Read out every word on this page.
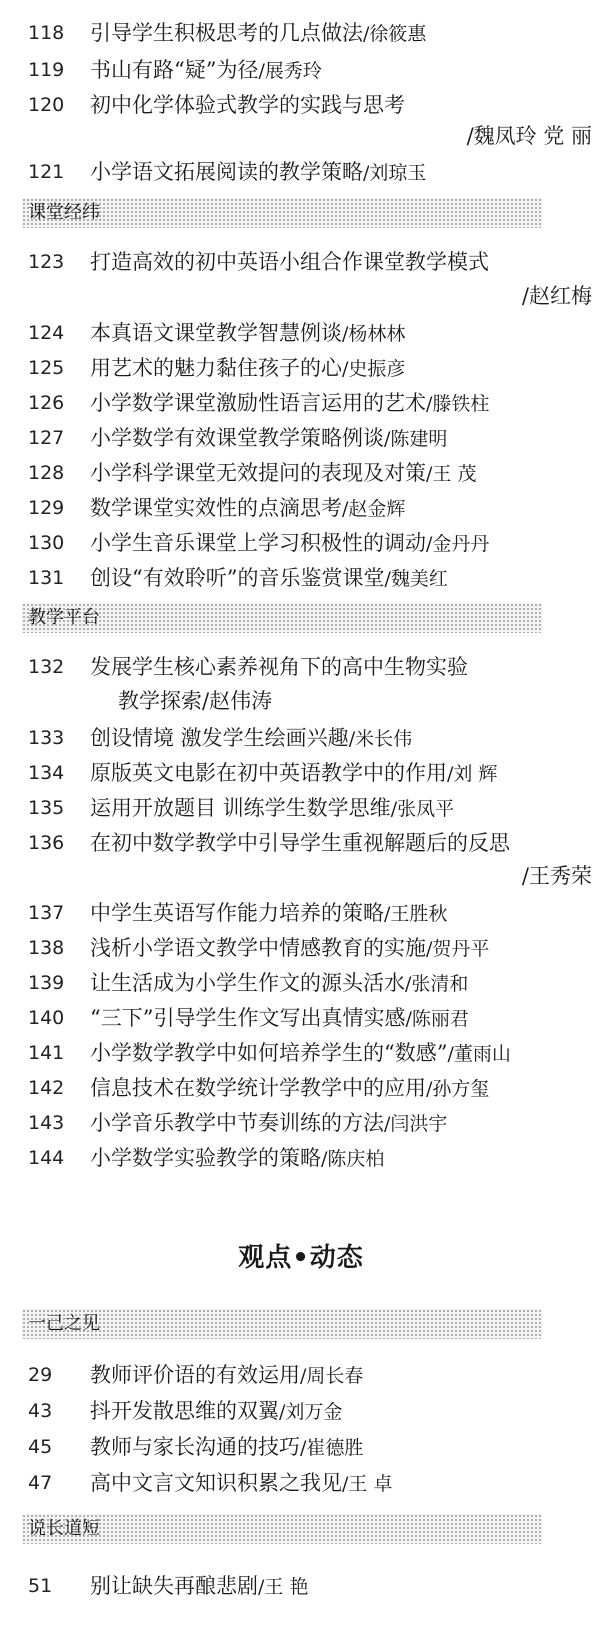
118	引导学生积极思考的几点做法/徐筱惠
119	书山有路“疑”为径/展秀玲
120	初中化学体验式教学的实践与思考
/魏凤玲 党 丽
121	小学语文拓展阅读的教学策略/刘琼玉
课堂经纬
123	打造高效的初中英语小组合作课堂教学模式
/赵红梅
124	本真语文课堂教学智慧例谈/杨林林
125	用艺术的魅力黏住孩子的心/史振彦
126	小学数学课堂激励性语言运用的艺术/滕铁柱
127	小学数学有效课堂教学策略例谈/陈建明
128	小学科学课堂无效提问的表现及对策/王 茂
129	数学课堂实效性的点滴思考/赵金辉
130	小学生音乐课堂上学习积极性的调动/金丹丹
131	创设“有效聆听”的音乐鉴赏课堂/魏美红
教学平台
132	发展学生核心素养视角下的高中生物实验
教学探索/赵伟涛
133	创设情境 激发学生绘画兴趣/米长伟
134	原版英文电影在初中英语教学中的作用/刘 辉
135	运用开放题目 训练学生数学思维/张凤平
136	在初中数学教学中引导学生重视解题后的反思
/王秀荣
137	中学生英语写作能力培养的策略/王胜秋
138	浅析小学语文教学中情感教育的实施/贺丹平
139	让生活成为小学生作文的源头活水/张清和
140	“三下”引导学生作文写出真情实感/陈丽君
141	小学数学教学中如何培养学生的“数感”/董雨山
142	信息技术在数学统计学教学中的应用/孙方玺
143	小学音乐教学中节奏训练的方法/闫洪宇
144	小学数学实验教学的策略/陈庆柏
观点•动态
一己之见
29	教师评价语的有效运用/周长春
43	抖开发散思维的双翼/刘万金
45	教师与家长沟通的技巧/崔德胜
47	高中文言文知识积累之我见/王 卓
说长道短
51	别让缺失再酿悲剧/王 艳
